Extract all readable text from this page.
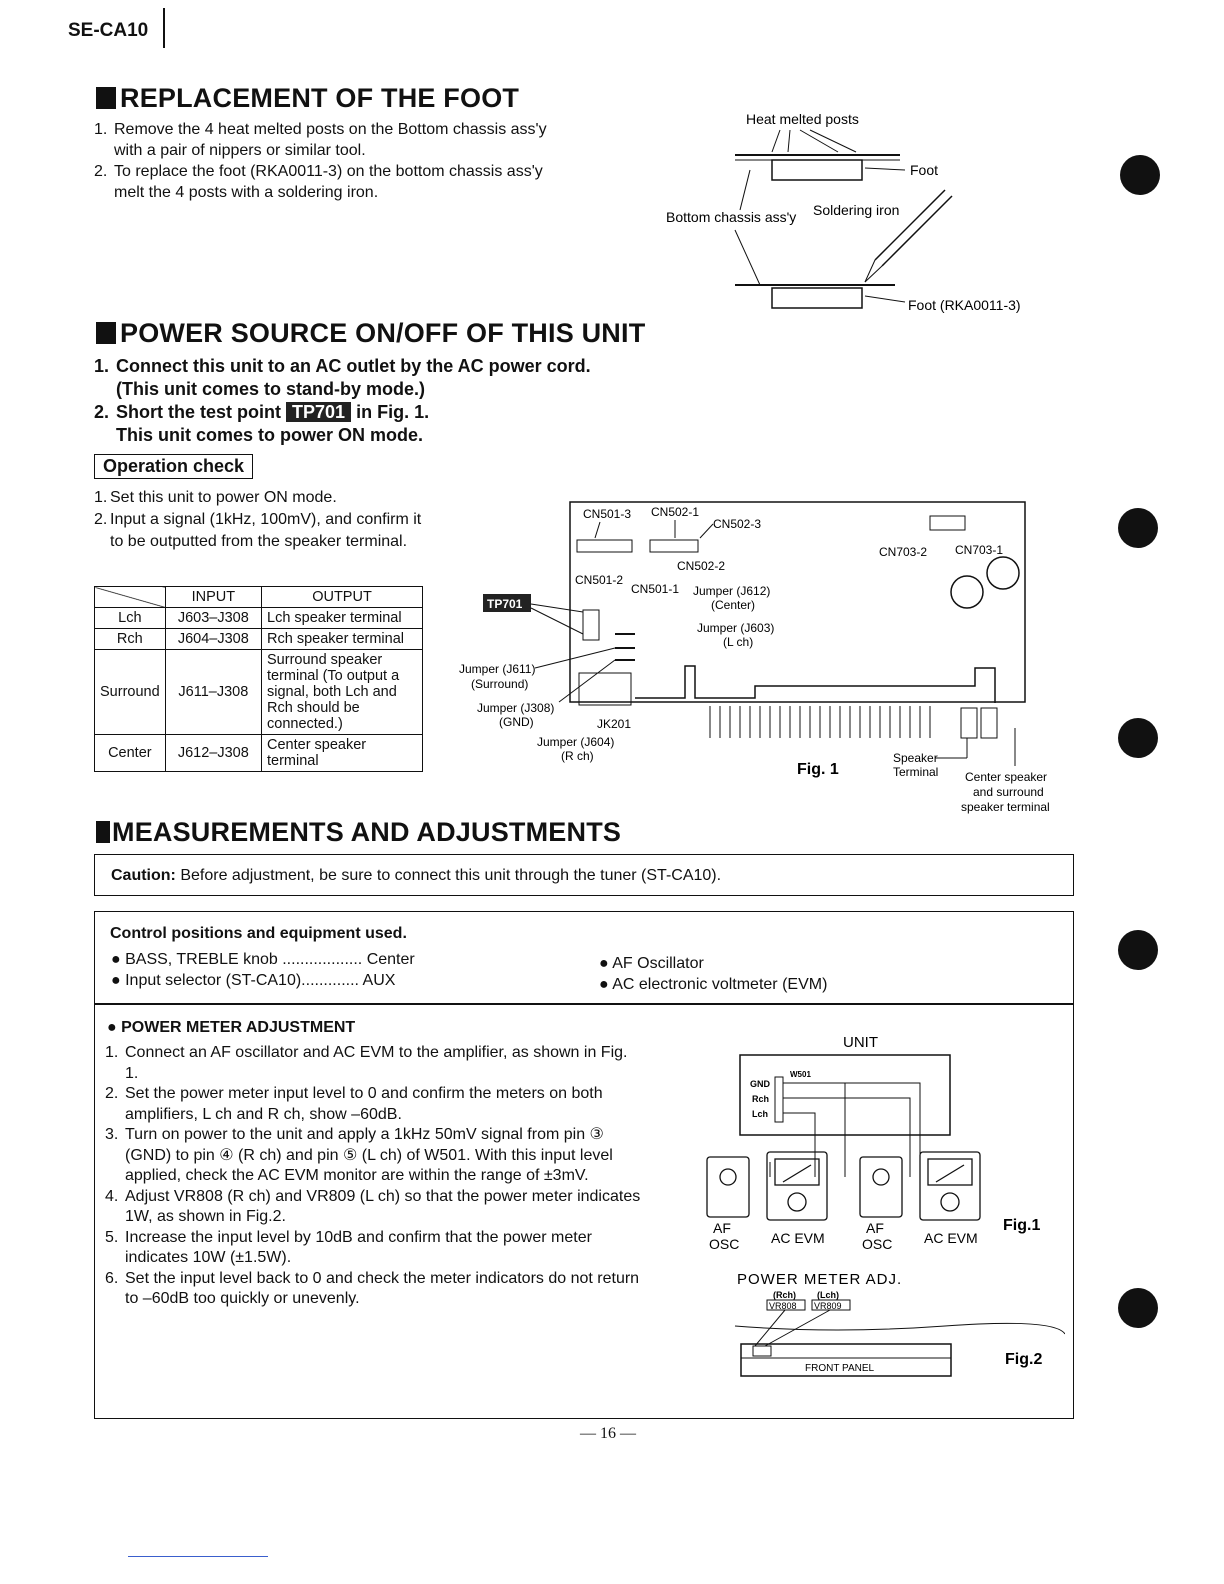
SE-CA10
REPLACEMENT OF THE FOOT
1. Remove the 4 heat melted posts on the Bottom chassis ass'y with a pair of nippers or similar tool.
2. To replace the foot (RKA0011-3) on the bottom chassis ass'y melt the 4 posts with a soldering iron.
Heat melted posts
Foot
Bottom chassis ass'y Soldering iron
Foot (RKA0011-3)
POWER SOURCE ON/OFF OF THIS UNIT
1. Connect this unit to an AC outlet by the AC power cord.
(This unit comes to stand-by mode.)
2. Short the test point TP701 in Fig. 1.
This unit comes to power ON mode.
Operation check
1. Set this unit to power ON mode.
2. Input a signal (1kHz, 100mV), and confirm it to be outputted from the speaker terminal.
	INPUT	OUTPUT
Lch	J603–J308	Lch speaker terminal
Rch	J604–J308	Rch speaker terminal
Surround	J611–J308	Surround speaker terminal (To output a signal, both Lch and Rch should be connected.)
Center	J612–J308	Center speaker terminal
CN501-3 CN502-1
CN502-3
CN502-2
CN501-2
CN501-1 Jumper (J612)
(Center)
Jumper (J603)
(L ch)
TP701
Jumper (J611)
(Surround)
Jumper (J308)
(GND)	JK201
Jumper (J604)
(R ch)
CN703-2 CN703-1
Fig. 1
Speaker
Terminal Center speaker
and surround
speaker terminal
MEASUREMENTS AND ADJUSTMENTS
Caution: Before adjustment, be sure to connect this unit through the tuner (ST-CA10).
Control positions and equipment used.
● BASS, TREBLE knob .................. Center
● Input selector (ST-CA10)............. AUX
● AF Oscillator
● AC electronic voltmeter (EVM)
● POWER METER ADJUSTMENT
1. Connect an AF oscillator and AC EVM to the amplifier, as shown in Fig. 1.
2. Set the power meter input level to 0 and confirm the meters on both amplifiers, L ch and R ch, show –60dB.
3. Turn on power to the unit and apply a 1kHz 50mV signal from pin ③ (GND) to pin ④ (R ch) and pin ⑤ (L ch) of W501. With this input level applied, check the AC EVM monitor are within the range of ±3mV.
4. Adjust VR808 (R ch) and VR809 (L ch) so that the power meter indicates 1W, as shown in Fig.2.
5. Increase the input level by 10dB and confirm that the power meter indicates 10W (±1.5W).
6. Set the input level back to 0 and check the meter indicators do not return to –60dB too quickly or unevenly.
UNIT
W501
GND
Rch
Lch
AF
OSC AC EVM
AF
OSC AC EVM
Fig.1
POWER METER ADJ.
(Rch) (Lch)
VR808 VR809
FRONT PANEL
Fig.2
— 16 —
